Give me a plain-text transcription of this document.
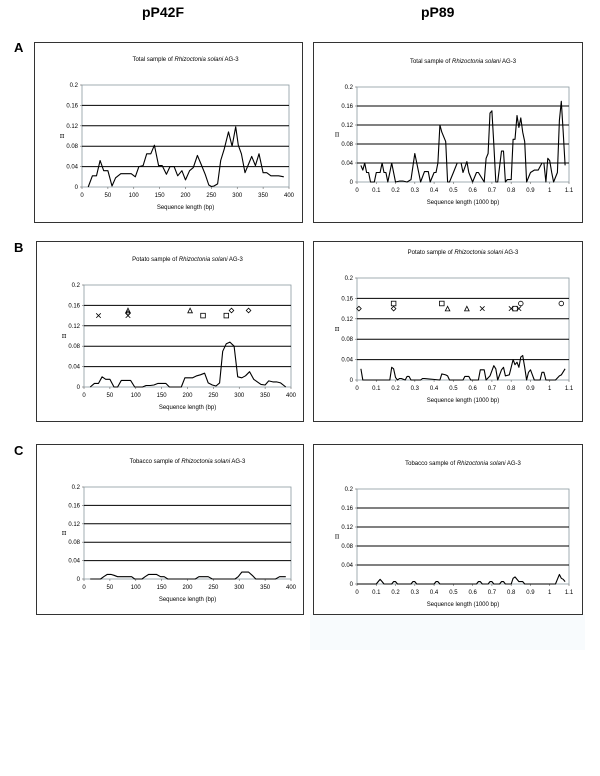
pP42F	pP89
A
B
C
Total sample of Rhizoctonia solani AG-3
0
0.04
0.08
0.12
0.16
0.2
0	50	100	150	200	250	300	350	400
Sequence length (bp)
π
Total sample of Rhizoctonia solani AG-3
0
0.04
0.08
0.12
0.16
0.2
0 0.1 0.2 0.3 0.4 0.5 0.6 0.7 0.8 0.9 1 1.1
Sequence length (1000 bp)
π
Potato sample of Rhizoctonia solani AG-3
0
0.04
0.08
0.12
0.16
0.2
0	50	100	150	200	250	300	350	400
Sequence length (bp)
π
Potato sample of Rhizoctonia solani AG-3
0
0.04
0.08
0.12
0.16
0.2
0 0.1 0.2 0.3 0.4 0.5 0.6 0.7 0.8 0.9 1 1.1
Sequence length (1000 bp)
π
Tobacco sample of Rhizoctonia solani AG-3
0
0.04
0.08
0.12
0.16
0.2
0	50	100	150	200	250	300	350	400
Sequence length (bp)
π
Tobacco sample of Rhizoctonia solani AG-3
0
0.04
0.08
0.12
0.16
0.2
0 0.1 0.2 0.3 0.4 0.5 0.6 0.7 0.8 0.9 1 1.1
Sequence length (1000 bp)
π
